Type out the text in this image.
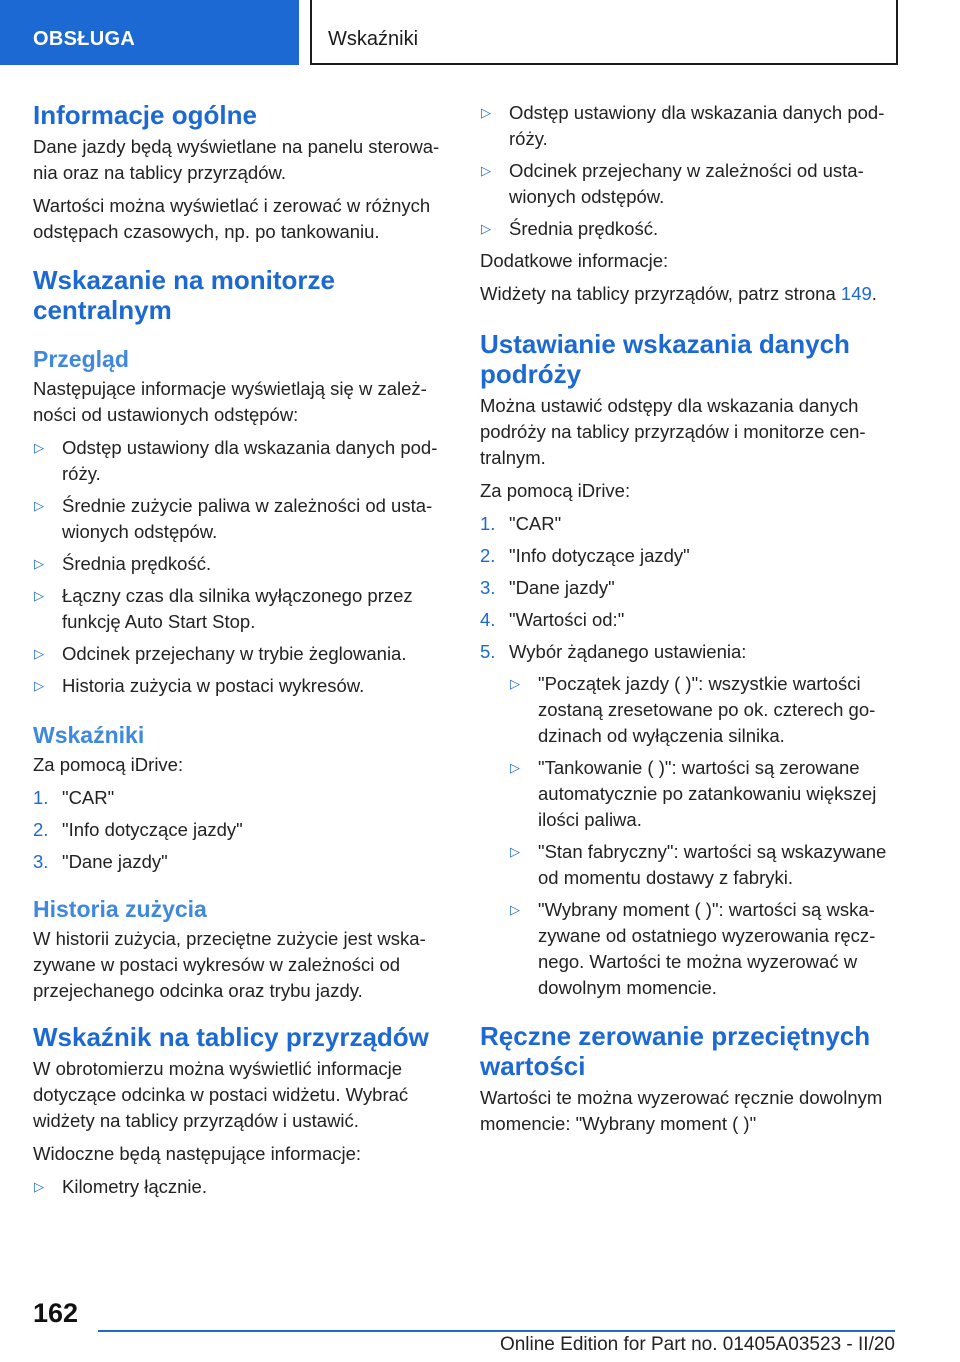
OBSŁUGA	Wskaźniki
Informacje ogólne
Dane jazdy będą wyświetlane na panelu sterowa-nia oraz na tablicy przyrządów.
Wartości można wyświetlać i zerować w różnych odstępach czasowych, np. po tankowaniu.
Wskazanie na monitorze centralnym
Przegląd
Następujące informacje wyświetlają się w zależ-ności od ustawionych odstępów:
▷ Odstęp ustawiony dla wskazania danych pod-róży.
▷ Średnie zużycie paliwa w zależności od usta-wionych odstępów.
▷ Średnia prędkość.
▷ Łączny czas dla silnika wyłączonego przez funkcję Auto Start Stop.
▷ Odcinek przejechany w trybie żeglowania.
▷ Historia zużycia w postaci wykresów.
Wskaźniki
Za pomocą iDrive:
1. "CAR"
2. "Info dotyczące jazdy"
3. "Dane jazdy"
Historia zużycia
W historii zużycia, przeciętne zużycie jest wska-zywane w postaci wykresów w zależności od przejechanego odcinka oraz trybu jazdy.
Wskaźnik na tablicy przyrządów
W obrotomierzu można wyświetlić informacje dotyczące odcinka w postaci widżetu. Wybrać widżety na tablicy przyrządów i ustawić.
Widoczne będą następujące informacje:
▷ Kilometry łącznie.
▷ Odstęp ustawiony dla wskazania danych pod-róży.
▷ Odcinek przejechany w zależności od usta-wionych odstępów.
▷ Średnia prędkość.
Dodatkowe informacje:
Widżety na tablicy przyrządów, patrz strona 149.
Ustawianie wskazania danych podróży
Można ustawić odstępy dla wskazania danych podróży na tablicy przyrządów i monitorze cen-tralnym.
Za pomocą iDrive:
1. "CAR"
2. "Info dotyczące jazdy"
3. "Dane jazdy"
4. "Wartości od:"
5. Wybór żądanego ustawienia:
▷ "Początek jazdy ( )": wszystkie wartości zostaną zresetowane po ok. czterech go-dzinach od wyłączenia silnika.
▷ "Tankowanie ( )": wartości są zerowane automatycznie po zatankowaniu większej ilości paliwa.
▷ "Stan fabryczny": wartości są wskazywane od momentu dostawy z fabryki.
▷ "Wybrany moment ( )": wartości są wska-zywane od ostatniego wyzerowania ręcz-nego. Wartości te można wyzerować w dowolnym momencie.
Ręczne zerowanie przeciętnych wartości
Wartości te można wyzerować ręcznie dowolnym momencie: "Wybrany moment ( )"
162
Online Edition for Part no. 01405A03523 - II/20
